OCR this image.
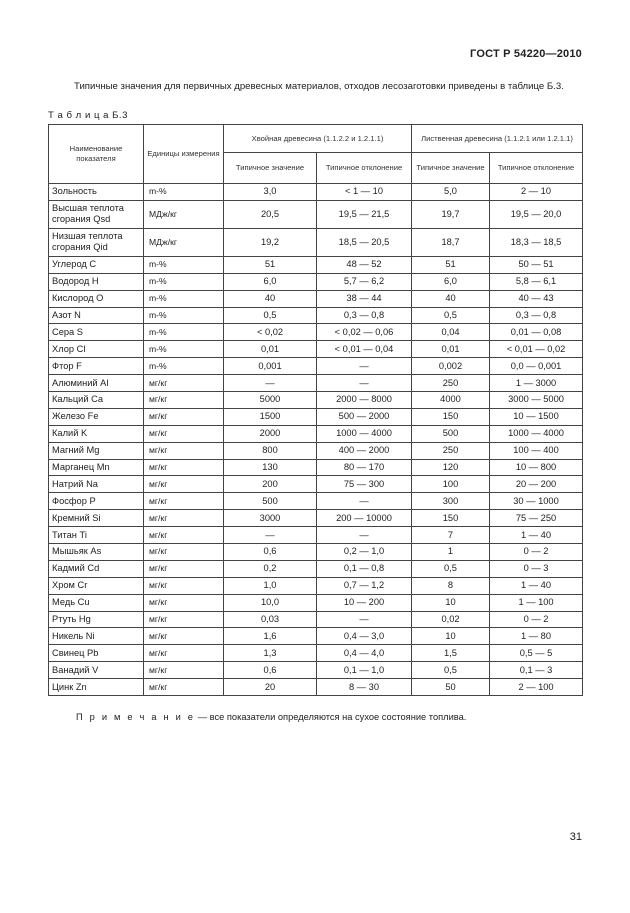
ГОСТ Р 54220—2010

Типичные значения для первичных древесных материалов, отходов лесозаготовки приведены в таблице Б.3.

Т а б л и ц а Б.3
Наименование показателя	Единицы измерения	Хвойная древесина (1.1.2.2 и 1.2.1.1)		Лиственная древесина (1.1.2.1 или 1.2.1.1)	
		Типичное значение	Типичное отклонение	Типичное значение	Типичное отклонение
Зольность	m-%	3,0	< 1 — 10	5,0	2 — 10
Высшая теплота сгорания Qsd	МДж/кг	20,5	19,5 — 21,5	19,7	19,5 — 20,0
Низшая теплота сгорания Qid	МДж/кг	19,2	18,5 — 20,5	18,7	18,3 — 18,5
Углерод C	m-%	51	48 — 52	51	50 — 51
Водород H	m-%	6,0	5,7 — 6,2	6,0	5,8 — 6,1
Кислород O	m-%	40	38 — 44	40	40 — 43
Азот N	m-%	0,5	0,3 — 0,8	0,5	0,3 — 0,8
Сера S	m-%	< 0,02	< 0,02 — 0,06	0,04	0,01 — 0,08
Хлор Cl	m-%	0,01	< 0,01 — 0,04	0,01	< 0,01 — 0,02
Фтор F	m-%	0,001	—	0,002	0,0 — 0,001
Алюминий Al	мг/кг	—	—	250	1 — 3000
Кальций Ca	мг/кг	5000	2000 — 8000	4000	3000 — 5000
Железо Fe	мг/кг	1500	500 — 2000	150	10 — 1500
Калий K	мг/кг	2000	1000 — 4000	500	1000 — 4000
Магний Mg	мг/кг	800	400 — 2000	250	100 — 400
Марганец Mn	мг/кг	130	80 — 170	120	10 — 800
Натрий Na	мг/кг	200	75 — 300	100	20 — 200
Фосфор P	мг/кг	500	—	300	30 — 1000
Кремний Si	мг/кг	3000	200 — 10000	150	75 — 250
Титан Ti	мг/кг	—	—	7	1 — 40
Мышьяк As	мг/кг	0,6	0,2 — 1,0	1	0 — 2
Кадмий Cd	мг/кг	0,2	0,1 — 0,8	0,5	0 — 3
Хром Cr	мг/кг	1,0	0,7 — 1,2	8	1 — 40
Медь Cu	мг/кг	10,0	10 — 200	10	1 — 100
Ртуть Hg	мг/кг	0,03	—	0,02	0 — 2
Никель Ni	мг/кг	1,6	0,4 — 3,0	10	1 — 80
Свинец Pb	мг/кг	1,3	0,4 — 4,0	1,5	0,5 — 5
Ванадий V	мг/кг	0,6	0,1 — 1,0	0,5	0,1 — 3
Цинк Zn	мг/кг	20	8 — 30	50	2 — 100
П р и м е ч а н и е — все показатели определяются на сухое состояние топлива.
31
